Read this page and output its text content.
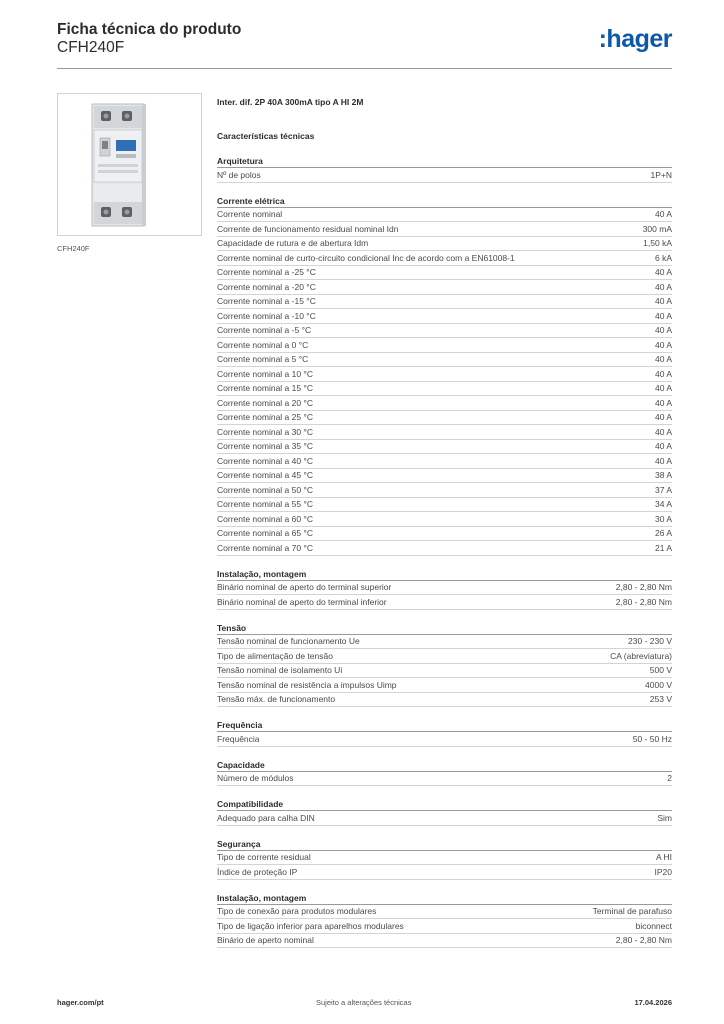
Ficha técnica do produto
CFH240F	:hager
CFH240F
Inter. dif. 2P 40A 300mA tipo A HI 2M
Características técnicas
Arquitetura
Nº de polos	1P+N
Corrente elétrica
Corrente nominal	40 A
Corrente de funcionamento residual nominal Idn	300 mA
Capacidade de rutura e de abertura Idm	1,50 kA
Corrente nominal de curto-circuito condicional Inc de acordo com a EN61008-1	6 kA
Corrente nominal a -25 °C	40 A
Corrente nominal a -20 °C	40 A
Corrente nominal a -15 °C	40 A
Corrente nominal a -10 °C	40 A
Corrente nominal a -5 °C	40 A
Corrente nominal a 0 °C	40 A
Corrente nominal a 5 °C	40 A
Corrente nominal a 10 °C	40 A
Corrente nominal a 15 °C	40 A
Corrente nominal a 20 °C	40 A
Corrente nominal a 25 °C	40 A
Corrente nominal a 30 °C	40 A
Corrente nominal a 35 °C	40 A
Corrente nominal a 40 °C	40 A
Corrente nominal a 45 °C	38 A
Corrente nominal a 50 °C	37 A
Corrente nominal a 55 °C	34 A
Corrente nominal a 60 °C	30 A
Corrente nominal a 65 °C	26 A
Corrente nominal a 70 °C	21 A
Instalação, montagem
Binário nominal de aperto do terminal superior	2,80 - 2,80 Nm
Binário nominal de aperto do terminal inferior	2,80 - 2,80 Nm
Tensão
Tensão nominal de funcionamento Ue	230 - 230 V
Tipo de alimentação de tensão	CA (abreviatura)
Tensão nominal de isolamento Ui	500 V
Tensão nominal de resistência a impulsos Uimp	4000 V
Tensão máx. de funcionamento	253 V
Frequência
Frequência	50 - 50 Hz
Capacidade
Número de módulos	2
Compatibilidade
Adequado para calha DIN	Sim
Segurança
Tipo de corrente residual	A HI
Índice de proteção IP	IP20
Instalação, montagem
Tipo de conexão para produtos modulares	Terminal de parafuso
Tipo de ligação inferior para aparelhos modulares	biconnect
Binário de aperto nominal	2,80 - 2,80 Nm
hager.com/pt	Sujeito a alterações técnicas	17.04.2026
